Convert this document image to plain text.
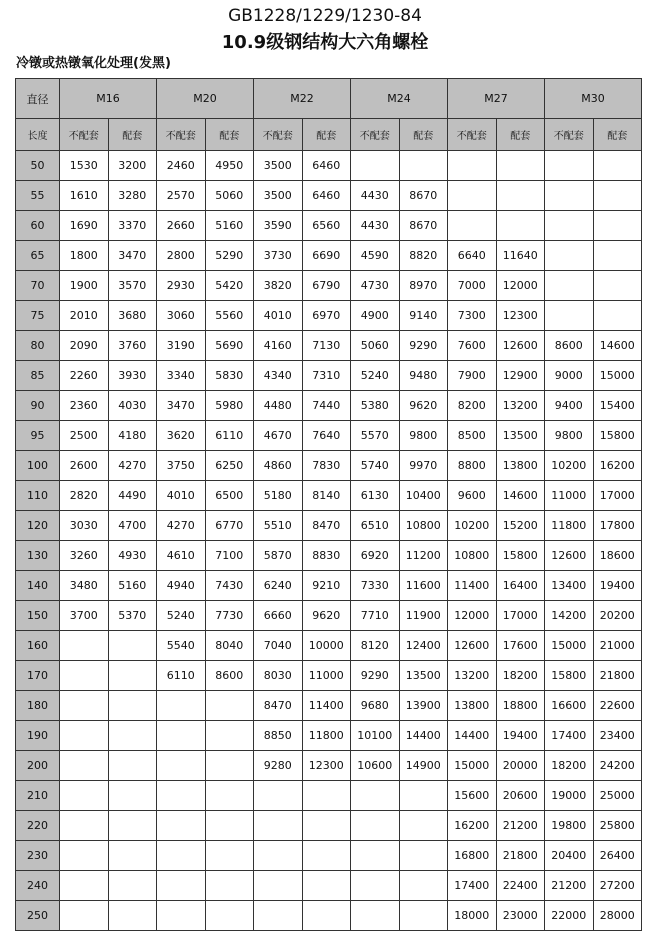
GB1228/1229/1230-84
10.9级钢结构大六角螺栓
冷镦或热镦氧化处理(发黑)
直径	M16		M20		M22		M24		M27		M30	
长度	不配套	配套	不配套	配套	不配套	配套	不配套	配套	不配套	配套	不配套	配套
50	1530	3200	2460	4950	3500	6460						
55	1610	3280	2570	5060	3500	6460	4430	8670				
60	1690	3370	2660	5160	3590	6560	4430	8670				
65	1800	3470	2800	5290	3730	6690	4590	8820	6640	11640		
70	1900	3570	2930	5420	3820	6790	4730	8970	7000	12000		
75	2010	3680	3060	5560	4010	6970	4900	9140	7300	12300		
80	2090	3760	3190	5690	4160	7130	5060	9290	7600	12600	8600	14600
85	2260	3930	3340	5830	4340	7310	5240	9480	7900	12900	9000	15000
90	2360	4030	3470	5980	4480	7440	5380	9620	8200	13200	9400	15400
95	2500	4180	3620	6110	4670	7640	5570	9800	8500	13500	9800	15800
100	2600	4270	3750	6250	4860	7830	5740	9970	8800	13800	10200	16200
110	2820	4490	4010	6500	5180	8140	6130	10400	9600	14600	11000	17000
120	3030	4700	4270	6770	5510	8470	6510	10800	10200	15200	11800	17800
130	3260	4930	4610	7100	5870	8830	6920	11200	10800	15800	12600	18600
140	3480	5160	4940	7430	6240	9210	7330	11600	11400	16400	13400	19400
150	3700	5370	5240	7730	6660	9620	7710	11900	12000	17000	14200	20200
160			5540	8040	7040	10000	8120	12400	12600	17600	15000	21000
170			6110	8600	8030	11000	9290	13500	13200	18200	15800	21800
180					8470	11400	9680	13900	13800	18800	16600	22600
190					8850	11800	10100	14400	14400	19400	17400	23400
200					9280	12300	10600	14900	15000	20000	18200	24200
210									15600	20600	19000	25000
220									16200	21200	19800	25800
230									16800	21800	20400	26400
240									17400	22400	21200	27200
250									18000	23000	22000	28000
